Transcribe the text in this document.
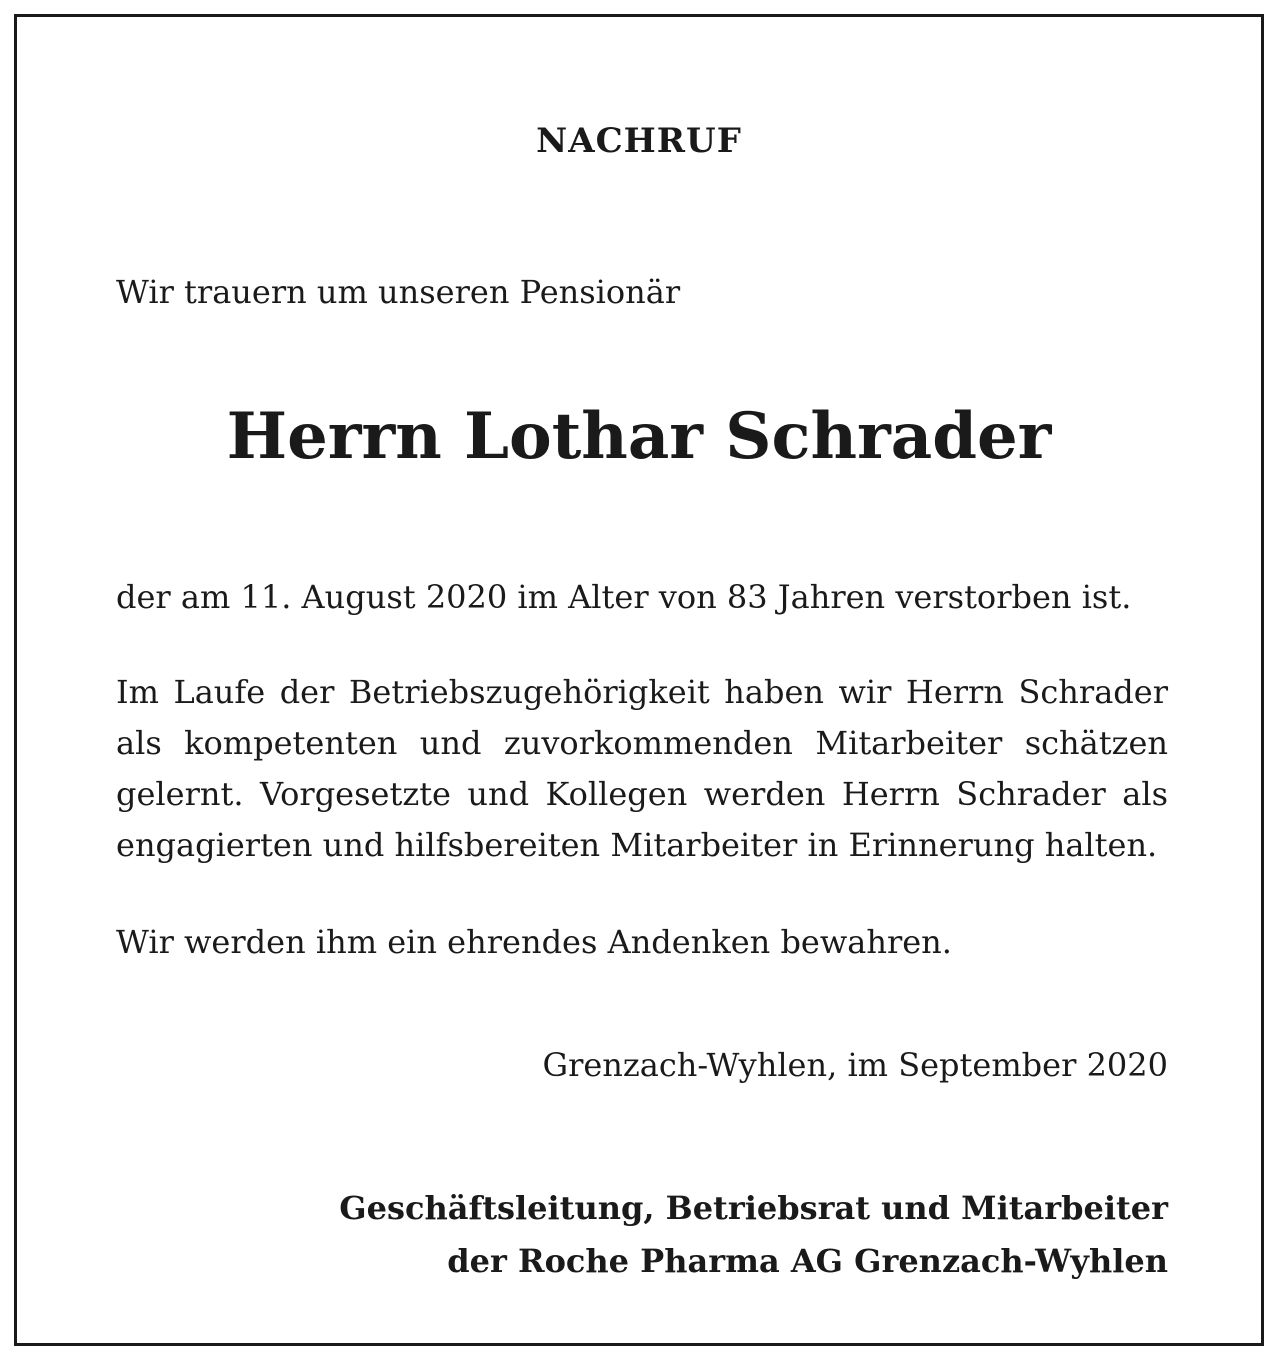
NACHRUF
Wir trauern um unseren Pensionär
Herrn Lothar Schrader
der am 11. August 2020 im Alter von 83 Jahren verstorben ist.
Im Laufe der Betriebszugehörigkeit haben wir Herrn Schrader als kompetenten und zuvorkommenden Mitarbeiter schätzen gelernt. Vorgesetzte und Kollegen werden Herrn Schrader als engagierten und hilfsbereiten Mitarbeiter in Erinnerung halten.
Wir werden ihm ein ehrendes Andenken bewahren.
Grenzach-Wyhlen, im September 2020
Geschäftsleitung, Betriebsrat und Mitarbeiter
der Roche Pharma AG Grenzach-Wyhlen
